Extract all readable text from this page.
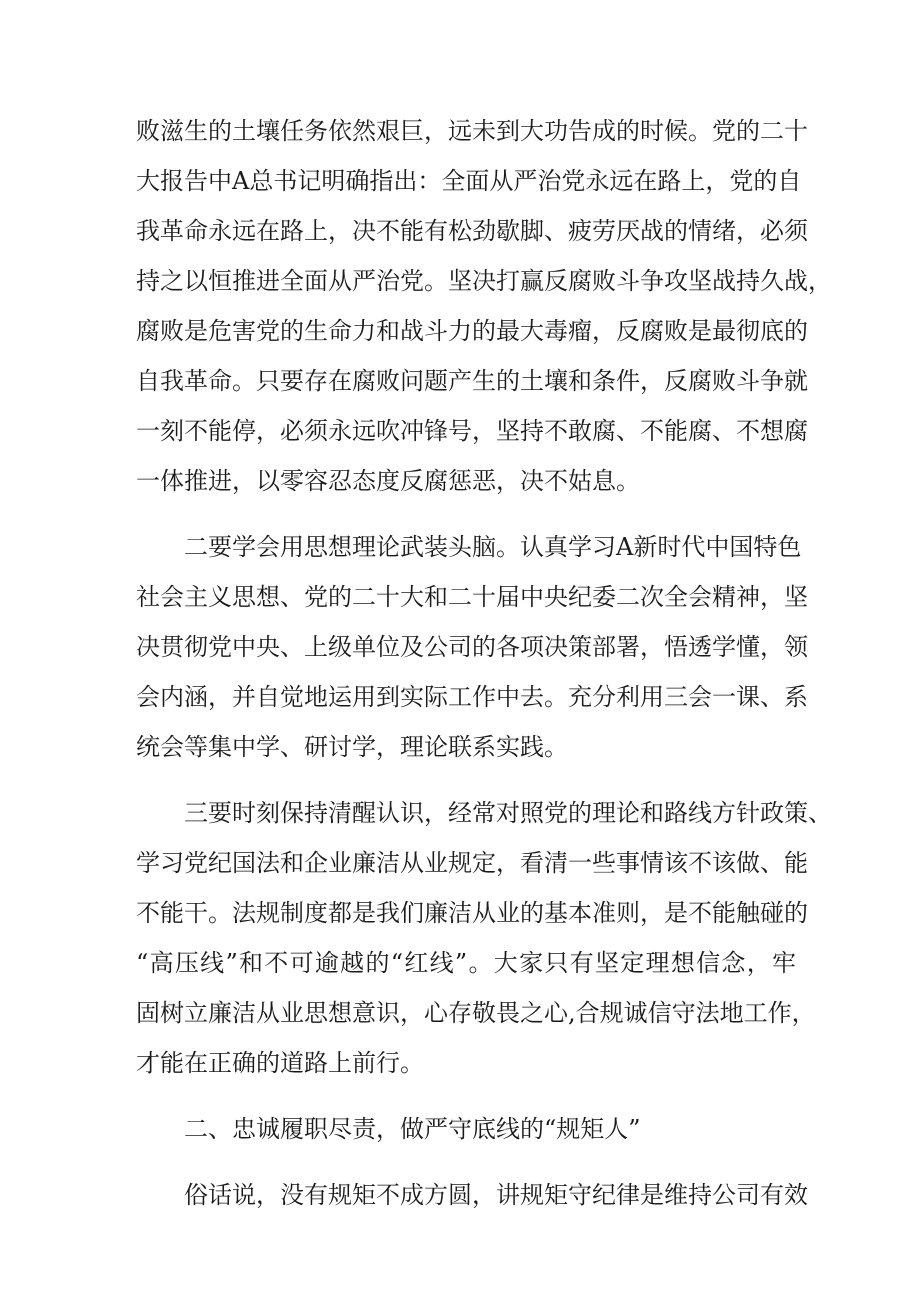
败滋生的土壤任务依然艰巨，远未到大功告成的时候。党的二十
大报告中A总书记明确指出：全面从严治党永远在路上，党的自
我革命永远在路上，决不能有松劲歇脚、疲劳厌战的情绪，必须
持之以恒推进全面从严治党。坚决打赢反腐败斗争攻坚战持久战，
腐败是危害党的生命力和战斗力的最大毒瘤，反腐败是最彻底的
自我革命。只要存在腐败问题产生的土壤和条件，反腐败斗争就
一刻不能停，必须永远吹冲锋号，坚持不敢腐、不能腐、不想腐
一体推进，以零容忍态度反腐惩恶，决不姑息。
二要学会用思想理论武装头脑。认真学习A新时代中国特色
社会主义思想、党的二十大和二十届中央纪委二次全会精神，坚
决贯彻党中央、上级单位及公司的各项决策部署，悟透学懂，领
会内涵，并自觉地运用到实际工作中去。充分利用三会一课、系
统会等集中学、研讨学，理论联系实践。
三要时刻保持清醒认识，经常对照党的理论和路线方针政策、
学习党纪国法和企业廉洁从业规定，看清一些事情该不该做、能
不能干。法规制度都是我们廉洁从业的基本准则，是不能触碰的
“高压线”和不可逾越的“红线”。大家只有坚定理想信念，牢
固树立廉洁从业思想意识，心存敬畏之心,合规诚信守法地工作，
才能在正确的道路上前行。
二、忠诚履职尽责，做严守底线的“规矩人”
俗话说，没有规矩不成方圆，讲规矩守纪律是维持公司有效
